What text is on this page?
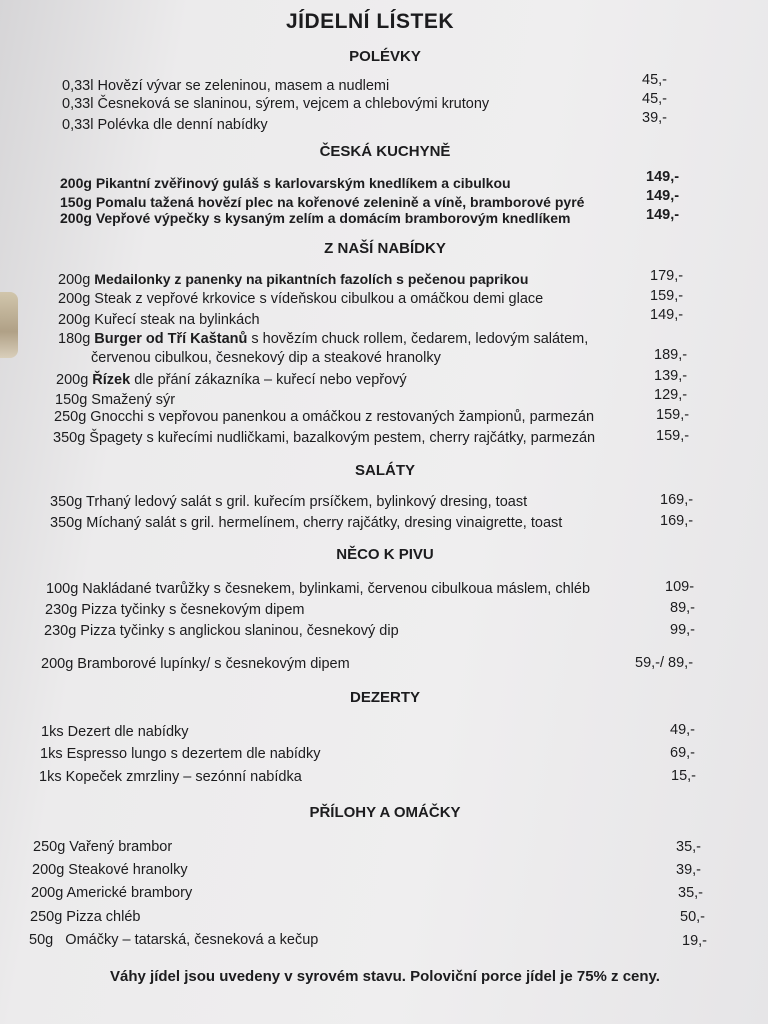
JÍDELNÍ LÍSTEK
POLÉVKY
0,33l Hovězí vývar se zeleninou, masem a nudlemi	45,-
0,33l Česneková se slaninou, sýrem, vejcem a chlebovými krutony	45,-
0,33l Polévka dle denní nabídky	39,-
ČESKÁ KUCHYNĚ
200g Pikantní zvěřinový guláš s karlovarským knedlíkem a cibulkou	149,-
150g Pomalu tažená hovězí plec na kořenové zelenině a víně, bramborové pyré	149,-
200g Vepřové výpečky s kysaným zelím a domácím bramborovým knedlíkem	149,-
Z NAŠÍ NABÍDKY
200g Medailonky z panenky na pikantních fazolích s pečenou paprikou	179,-
200g Steak z vepřové krkovice s vídeňskou cibulkou a omáčkou demi glace	159,-
200g Kuřecí steak na bylinkách	149,-
180g Burger od Tří Kaštanů s hovězím chuck rollem, čedarem, ledovým salátem,
červenou cibulkou, česnekový dip a steakové hranolky	189,-
200g Řízek dle přání zákazníka – kuřecí nebo vepřový	139,-
150g Smažený sýr	129,-
250g Gnocchi s vepřovou panenkou a omáčkou z restovaných žampionů, parmezán	159,-
350g Špagety s kuřecími nudličkami, bazalkovým pestem, cherry rajčátky, parmezán	159,-
SALÁTY
350g Trhaný ledový salát s gril. kuřecím prsíčkem, bylinkový dresing, toast	169,-
350g Míchaný salát s gril. hermelínem, cherry rajčátky, dresing vinaigrette, toast	169,-
NĚCO K PIVU
100g Nakládané tvarůžky s česnekem, bylinkami, červenou cibulkoua máslem, chléb	109-
230g Pizza tyčinky s česnekovým dipem	89,-
230g Pizza tyčinky s anglickou slaninou, česnekový dip	99,-
200g Bramborové lupínky/ s česnekovým dipem	59,-/ 89,-
DEZERTY
1ks Dezert dle nabídky	49,-
1ks Espresso lungo s dezertem dle nabídky	69,-
1ks Kopeček zmrzliny – sezónní nabídka	15,-
PŘÍLOHY A OMÁČKY
250g Vařený brambor	35,-
200g Steakové hranolky	39,-
200g Americké brambory	35,-
250g Pizza chléb	50,-
50g Omáčky – tatarská, česneková a kečup	19,-
Váhy jídel jsou uvedeny v syrovém stavu. Poloviční porce jídel je 75% z ceny.
